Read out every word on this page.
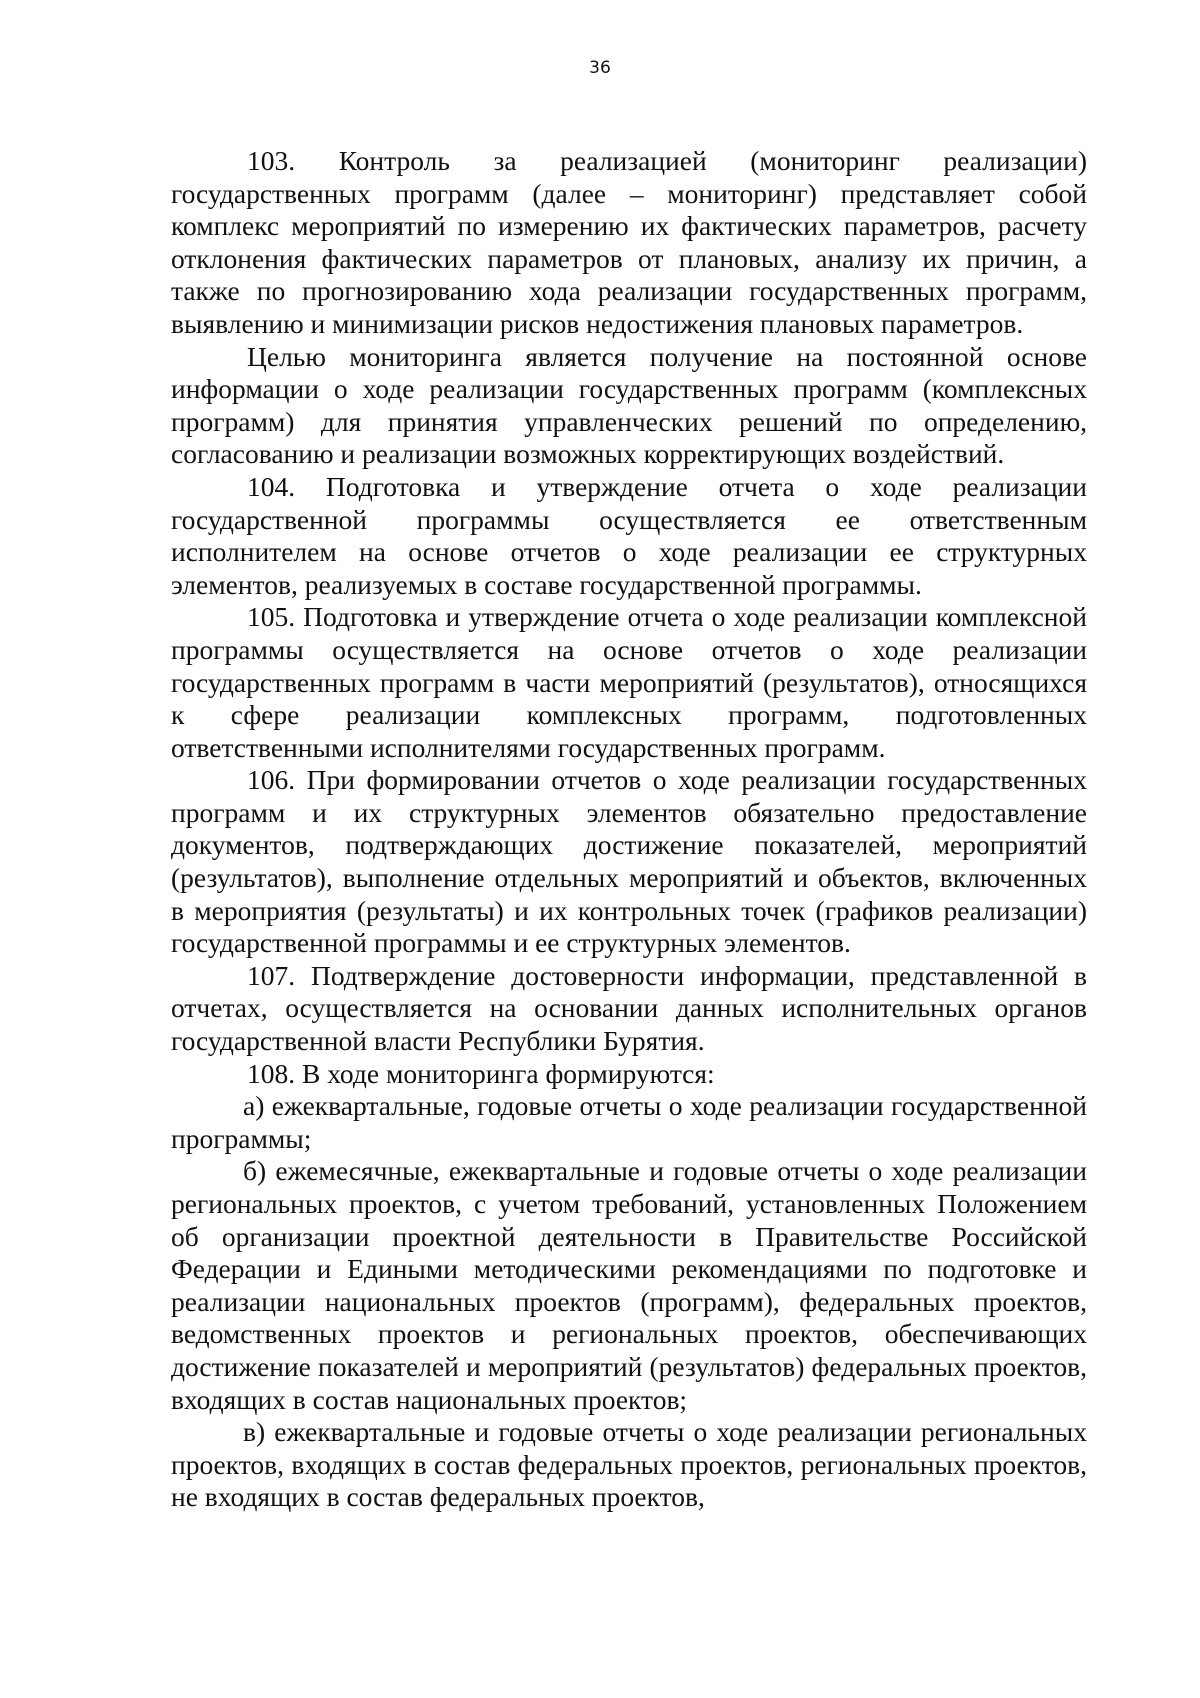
36

103. Контроль за реализацией (мониторинг реализации) государственных программ (далее – мониторинг) представляет собой комплекс мероприятий по измерению их фактических параметров, расчету отклонения фактических параметров от плановых, анализу их причин, а также по прогнозированию хода реализации государственных программ, выявлению и минимизации рисков недостижения плановых параметров.

Целью мониторинга является получение на постоянной основе информации о ходе реализации государственных программ (комплексных программ) для принятия управленческих решений по определению, согласованию и реализации возможных корректирующих воздействий.

104. Подготовка и утверждение отчета о ходе реализации государственной программы осуществляется ее ответственным исполнителем на основе отчетов о ходе реализации ее структурных элементов, реализуемых в составе государственной программы.

105. Подготовка и утверждение отчета о ходе реализации комплексной программы осуществляется на основе отчетов о ходе реализации государственных программ в части мероприятий (результатов), относящихся к сфере реализации комплексных программ, подготовленных ответственными исполнителями государственных программ.

106. При формировании отчетов о ходе реализации государственных программ и их структурных элементов обязательно предоставление документов, подтверждающих достижение показателей, мероприятий (результатов), выполнение отдельных мероприятий и объектов, включенных в мероприятия (результаты) и их контрольных точек (графиков реализации) государственной программы и ее структурных элементов.

107. Подтверждение достоверности информации, представленной в отчетах, осуществляется на основании данных исполнительных органов государственной власти Республики Бурятия.

108. В ходе мониторинга формируются:

а) ежеквартальные, годовые отчеты о ходе реализации государственной программы;

б) ежемесячные, ежеквартальные и годовые отчеты о ходе реализации региональных проектов, с учетом требований, установленных Положением об организации проектной деятельности в Правительстве Российской Федерации и Едиными методическими рекомендациями по подготовке и реализации национальных проектов (программ), федеральных проектов, ведомственных проектов и региональных проектов, обеспечивающих достижение показателей и мероприятий (результатов) федеральных проектов, входящих в состав национальных проектов;

в) ежеквартальные и годовые отчеты о ходе реализации региональных проектов, входящих в состав федеральных проектов, региональных проектов, не входящих в состав федеральных проектов,
